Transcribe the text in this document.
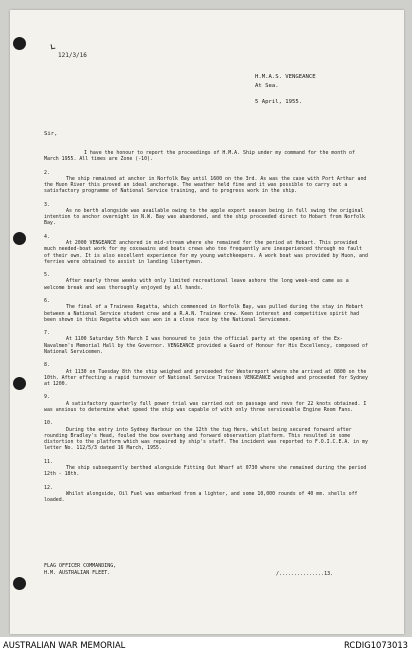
121/3/16
H.M.A.S. VENGEANCE
At Sea.
5 April, 1955.
Sir,
I have the honour to report the proceedings of H.M.A. Ship under my command for the month of March 1955. All times are Zone (-10).
2.
The ship remained at anchor in Norfolk Bay until 1600 on the 3rd. As was the case with Port Arthur and the Huon River this proved an ideal anchorage. The weather held fine and it was possible to carry out a satisfactory programme of National Service training, and to progress work in the ship.
3.
As no berth alongside was available owing to the apple export season being in full swing the original intention to anchor overnight in N.W. Bay was abandoned, and the ship proceeded direct to Hobart from Norfolk Bay.
4.
At 2000 VENGEANCE anchored in mid-stream where she remained for the period at Hobart. This provided much needed-boat work for my coxswains and boats crews who too frequently are inexperienced through no fault of their own. It is also excellent experience for my young watchkeepers. A work boat was provided by Huon, and ferries were obtained to assist in landing libertymen.
5.
After nearly three weeks with only limited recreational leave ashore the long week-end came as a welcome break and was thoroughly enjoyed by all hands.
6.
The final of a Trainees Regatta, which commenced in Norfolk Bay, was pulled during the stay in Hobart between a National Service student crew and a R.A.N. Trainee crew. Keen interest and competitive spirit had been shown in this Regatta which was won in a close race by the National Servicemen.
7.
At 1100 Saturday 5th March I was honoured to join the official party at the opening of the Ex-Navalmen's Memorial Hall by the Governor. VENGEANCE provided a Guard of Honour for His Excellency, composed of National Servicemen.
8.
At 1130 on Tuesday 8th the ship weighed and proceeded for Westernport where she arrived at 0800 on the 10th. After effecting a rapid turnover of National Service Trainees VENGEANCE weighed and proceeded for Sydney at 1200.
9.
A satisfactory quarterly full power trial was carried out on passage and revs for 22 knots obtained. I was anxious to determine what speed the ship was capable of with only three serviceable Engine Room Fans.
10.
During the entry into Sydney Harbour on the 12th the tug Hero, whilst being secured forward after rounding Bradley's Head, fouled the bow overhang and forward observation platform. This resulted in some distortion to the platform which was repaired by ship's staff. The incident was reported to F.O.I.C.E.A. in my letter No. 112/5/3 dated 16 March, 1955.
11.
The ship subsequently berthed alongside Fitting Out Wharf at 0730 where she remained during the period 12th - 18th.
12.
Whilst alongside, Oil Fuel was embarked from a lighter, and some 10,000 rounds of 40 mm. shells off loaded.
FLAG OFFICER COMMANDING,
H.M. AUSTRALIAN FLEET.	/...............13.
AUSTRALIAN WAR MEMORIAL	RCDIG1073013
